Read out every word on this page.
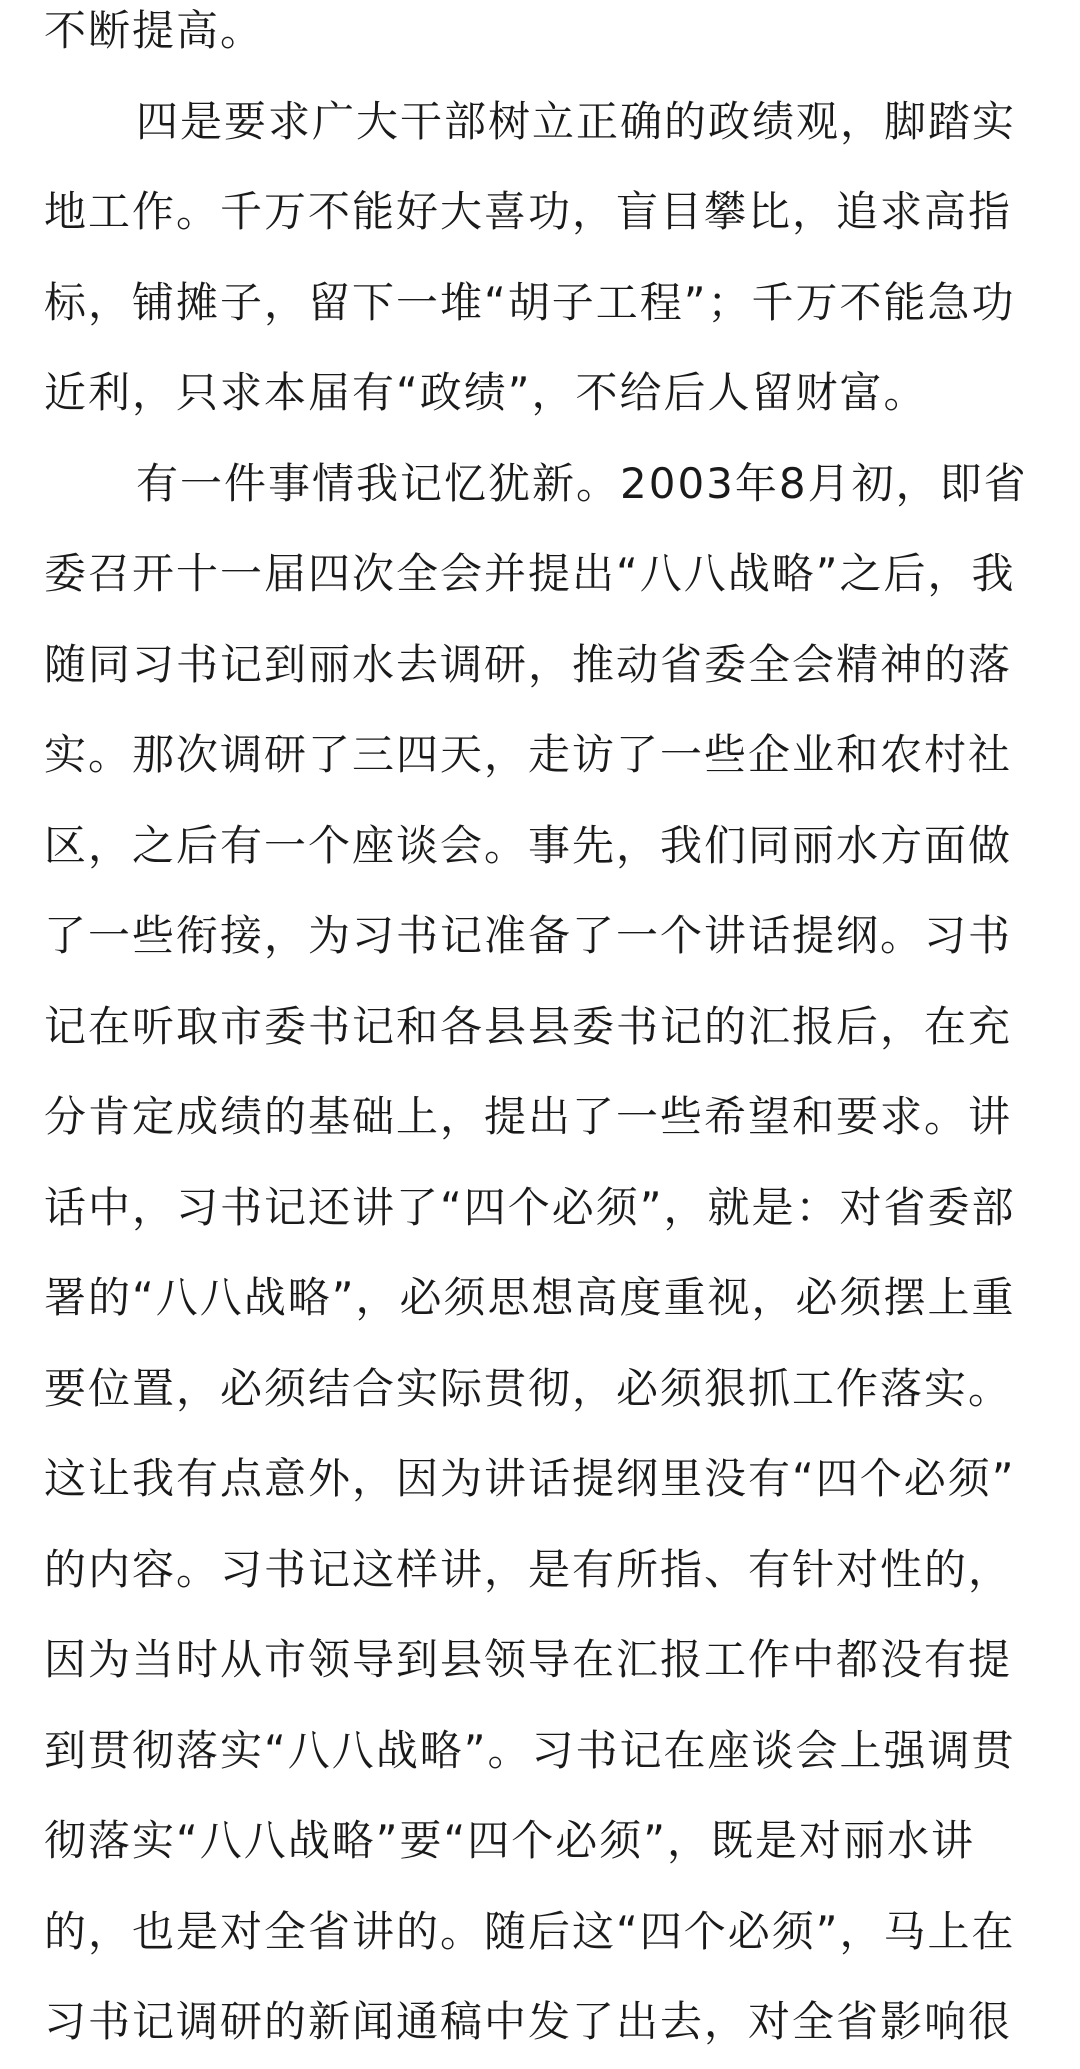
不断提高。
四是要求广大干部树立正确的政绩观，脚踏实
地工作。千万不能好大喜功，盲目攀比，追求高指
标，铺摊子，留下一堆“胡子工程”；千万不能急功
近利，只求本届有“政绩”，不给后人留财富。
有一件事情我记忆犹新。2003年8月初，即省
委召开十一届四次全会并提出“八八战略”之后，我
随同习书记到丽水去调研，推动省委全会精神的落
实。那次调研了三四天，走访了一些企业和农村社
区，之后有一个座谈会。事先，我们同丽水方面做
了一些衔接，为习书记准备了一个讲话提纲。习书
记在听取市委书记和各县县委书记的汇报后，在充
分肯定成绩的基础上，提出了一些希望和要求。讲
话中，习书记还讲了“四个必须”，就是：对省委部
署的“八八战略”，必须思想高度重视，必须摆上重
要位置，必须结合实际贯彻，必须狠抓工作落实。
这让我有点意外，因为讲话提纲里没有“四个必须”
的内容。习书记这样讲，是有所指、有针对性的，
因为当时从市领导到县领导在汇报工作中都没有提
到贯彻落实“八八战略”。习书记在座谈会上强调贯
彻落实“八八战略”要“四个必须”，既是对丽水讲
的，也是对全省讲的。随后这“四个必须”，马上在
习书记调研的新闻通稿中发了出去，对全省影响很
